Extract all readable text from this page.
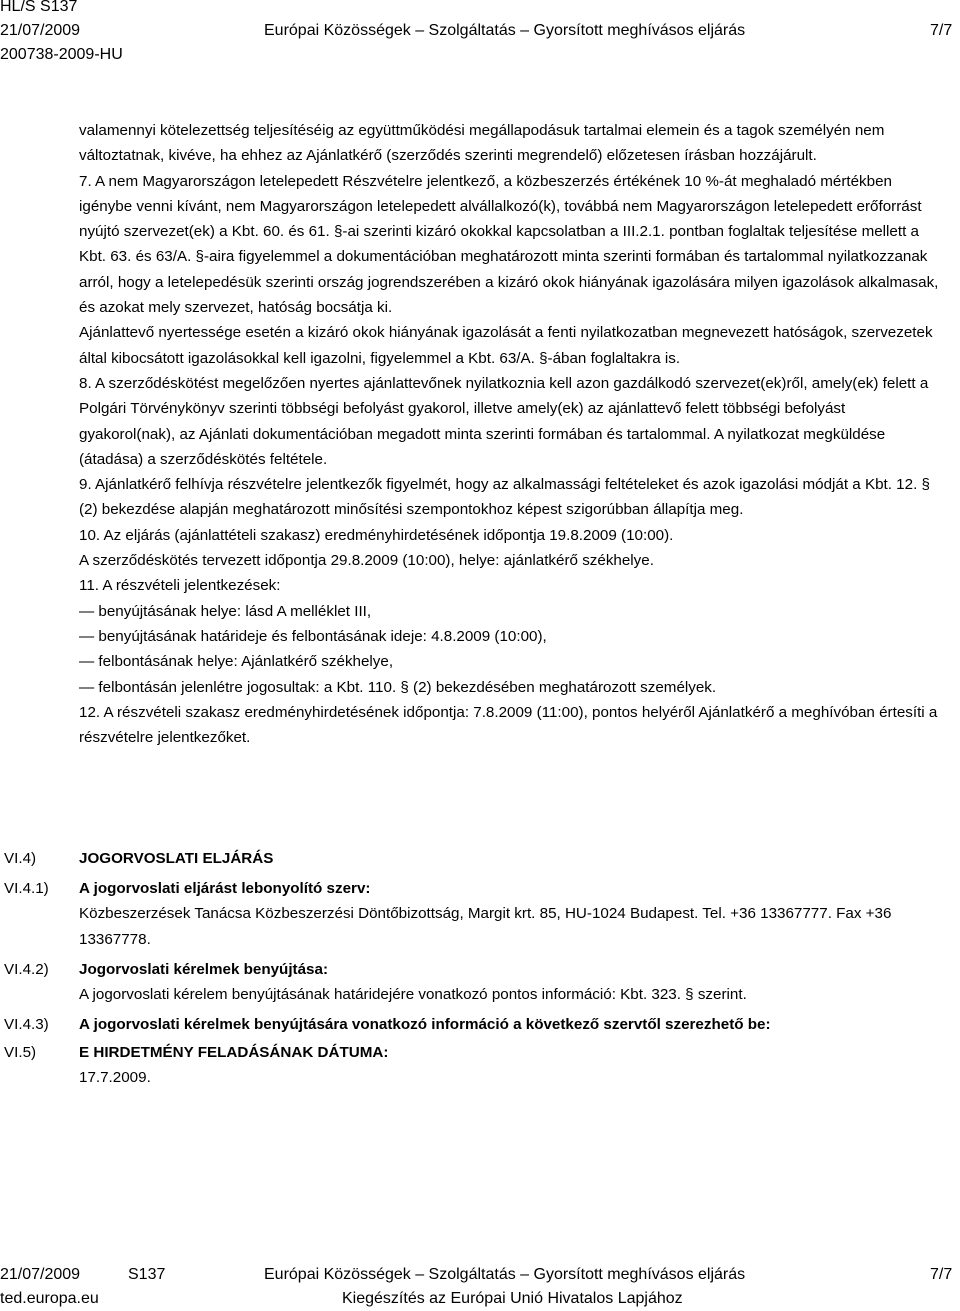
HL/S S137
21/07/2009
200738-2009-HU
Európai Közösségek – Szolgáltatás – Gyorsított meghívásos eljárás	7/7

valamennyi kötelezettség teljesítéséig az együttműködési megállapodásuk tartalmai elemein és a tagok személyén nem változtatnak, kivéve, ha ehhez az Ajánlatkérő (szerződés szerinti megrendelő) előzetesen írásban hozzájárult.

7. A nem Magyarországon letelepedett Részvételre jelentkező, a közbeszerzés értékének 10 %-át meghaladó mértékben igénybe venni kívánt, nem Magyarországon letelepedett alvállalkozó(k), továbbá nem Magyarországon letelepedett erőforrást nyújtó szervezet(ek) a Kbt. 60. és 61. §-ai szerinti kizáró okokkal kapcsolatban a III.2.1. pontban foglaltak teljesítése mellett a Kbt. 63. és 63/A. §-aira figyelemmel a dokumentációban meghatározott minta szerinti formában és tartalommal nyilatkozzanak arról, hogy a letelepedésük szerinti ország jogrendszerében a kizáró okok hiányának igazolására milyen igazolások alkalmasak, és azokat mely szervezet, hatóság bocsátja ki.

Ajánlattevő nyertessége esetén a kizáró okok hiányának igazolását a fenti nyilatkozatban megnevezett hatóságok, szervezetek által kibocsátott igazolásokkal kell igazolni, figyelemmel a Kbt. 63/A. §-ában foglaltakra is.

8. A szerződéskötést megelőzően nyertes ajánlattevőnek nyilatkoznia kell azon gazdálkodó szervezet(ek)ről, amely(ek) felett a Polgári Törvénykönyv szerinti többségi befolyást gyakorol, illetve amely(ek) az ajánlattevő felett többségi befolyást gyakorol(nak), az Ajánlati dokumentációban megadott minta szerinti formában és tartalommal. A nyilatkozat megküldése (átadása) a szerződéskötés feltétele.

9. Ajánlatkérő felhívja részvételre jelentkezők figyelmét, hogy az alkalmassági feltételeket és azok igazolási módját a Kbt. 12. § (2) bekezdése alapján meghatározott minősítési szempontokhoz képest szigorúbban állapítja meg.

10. Az eljárás (ajánlattételi szakasz) eredményhirdetésének időpontja 19.8.2009 (10:00).

A szerződéskötés tervezett időpontja 29.8.2009 (10:00), helye: ajánlatkérő székhelye.

11. A részvételi jelentkezések:

— benyújtásának helye: lásd A melléklet III,

— benyújtásának határideje és felbontásának ideje: 4.8.2009 (10:00),

— felbontásának helye: Ajánlatkérő székhelye,

— felbontásán jelenlétre jogosultak: a Kbt. 110. § (2) bekezdésében meghatározott személyek.

12. A részvételi szakasz eredményhirdetésének időpontja: 7.8.2009 (11:00), pontos helyéről Ajánlatkérő a meghívóban értesíti a részvételre jelentkezőket.

VI.4)	JOGORVOSLATI ELJÁRÁS
VI.4.1) A jogorvoslati eljárást lebonyolító szerv:
Közbeszerzések Tanácsa Közbeszerzési Döntőbizottság, Margit krt. 85, HU-1024 Budapest. Tel. +36 13367777. Fax +36 13367778.
VI.4.2) Jogorvoslati kérelmek benyújtása:
A jogorvoslati kérelem benyújtásának határidejére vonatkozó pontos információ: Kbt. 323. § szerint.
VI.4.3) A jogorvoslati kérelmek benyújtására vonatkozó információ a következő szervtől szerezhető be:
VI.5)	E HIRDETMÉNY FELADÁSÁNAK DÁTUMA:
17.7.2009.
21/07/2009	S137	Európai Közösségek – Szolgáltatás – Gyorsított meghívásos eljárás	7/7
ted.europa.eu	Kiegészítés az Európai Unió Hivatalos Lapjához
